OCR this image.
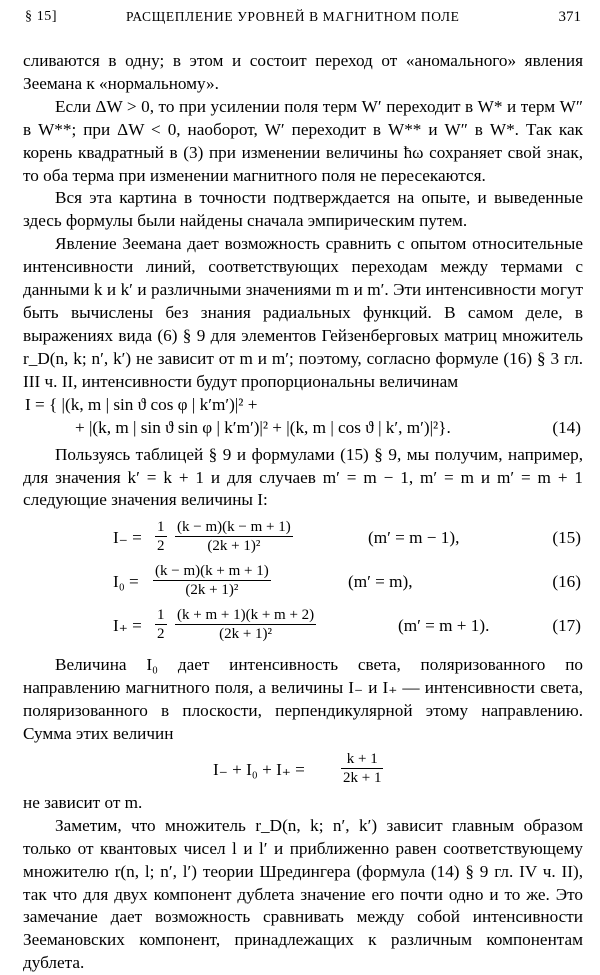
§ 15]	РАСЩЕПЛЕНИЕ УРОВНЕЙ В МАГНИТНОМ ПОЛЕ	371

сливаются в одну; в этом и состоит переход от «аномального» явления Зеемана к «нормальному».

Если ΔW > 0, то при усилении поля терм W′ переходит в W* и терм W″ в W**; при ΔW < 0, наоборот, W′ переходит в W** и W″ в W*. Так как корень квадратный в (3) при изменении величины ħω сохраняет свой знак, то оба терма при изменении магнитного поля не пересекаются.

Вся эта картина в точности подтверждается на опыте, и выведенные здесь формулы были найдены сначала эмпирическим путем.

Явление Зеемана дает возможность сравнить с опытом относительные интенсивности линий, соответствующих переходам между термами с данными k и k′ и различными значениями m и m′. Эти интенсивности могут быть вычислены без знания радиальных функций. В самом деле, в выражениях вида (6) § 9 для элементов Гейзенберговых матриц множитель r_D(n, k; n′, k′) не зависит от m и m′; поэтому, согласно формуле (16) § 3 гл. III ч. II, интенсивности будут пропорциональны величинам

I = { |(k, m | sin ϑ cos φ | k′m′)|² +
+ |(k, m | sin ϑ sin φ | k′m′)|² + |(k, m | cos ϑ | k′, m′)|²}.	(14)

Пользуясь таблицей § 9 и формулами (15) § 9, мы получим, например, для значения k′ = k + 1 и для случаев m′ = m − 1, m′ = m и m′ = m + 1 следующие значения величины I:

$I_- = \frac{1}{2} \frac{(k - m)(k - m + 1)}{\text{(2k + 1)²}}$	(m′ = m − 1),	(15)
$I_0 = \frac{(k - m)(k + m + 1)}{\text{(2k + 1)²}}$	(m′ = m),	(16)
$I_+ = \frac{1}{2} \frac{(k + m + 1)(k + m + 2)}{\text{(2k + 1)²}}$	(m′ = m + 1).	(17)

Величина I₀ дает интенсивность света, поляризованного по направлению магнитного поля, а величины I₋ и I₊ — интенсивности света, поляризованного в плоскости, перпендикулярной этому направлению. Сумма этих величин

$I_- + I_0 + I_+ = \frac{k + 1}{2k + 1}$

не зависит от m.

Заметим, что множитель r_D(n, k; n′, k′) зависит главным образом только от квантовых чисел l и l′ и приближенно равен соответствующему множителю r(n, l; n′, l′) теории Шредингера (формула (14) § 9 гл. IV ч. II), так что для двух компонент дублета значение его почти одно и то же. Это замечание дает возможность сравнивать между собой интенсивности Зеемановских компонент, принадлежащих к различным компонентам дублета.
